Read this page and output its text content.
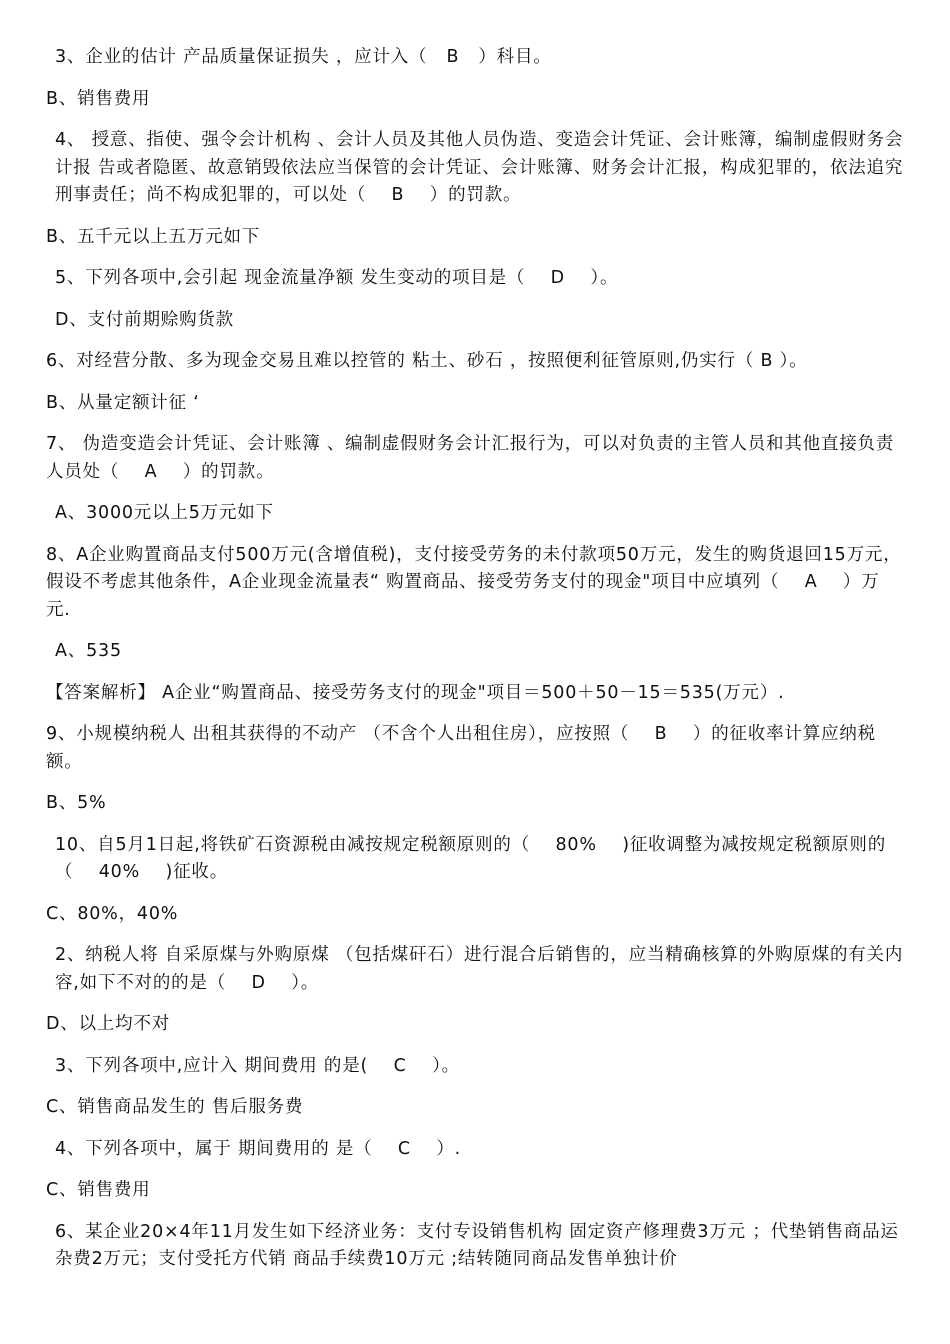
3、企业的估计 产品质量保证损失 ，应计入（   B   ）科目。

B、销售费用

4、 授意、指使、强令会计机构 、会计人员及其他人员伪造、变造会计凭证、会计账簿，编制虚假财务会计报 告或者隐匿、故意销毁依法应当保管的会计凭证、会计账簿、财务会计汇报，构成犯罪的，依法追究刑事责任；尚不构成犯罪的，可以处（    B    ）的罚款。

B、五千元以上五万元如下

5、下列各项中,会引起 现金流量净额 发生变动的项目是（    D    ）。

D、支付前期赊购货款

6、对经营分散、多为现金交易且难以控管的 粘土、砂石 ，按照便利征管原则,仍实行（ B ）。

B、从量定额计征 ‘

7、 伪造变造会计凭证、会计账簿 、编制虚假财务会计汇报行为，可以对负责的主管人员和其他直接负责人员处（    A    ）的罚款。

A、3000元以上5万元如下

8、A企业购置商品支付500万元(含增值税)，支付接受劳务的未付款项50万元，发生的购货退回15万元，假设不考虑其他条件，A企业现金流量表“ 购置商品、接受劳务支付的现金"项目中应填列（    A    ）万元.

A、535

【答案解析】 A企业“购置商品、接受劳务支付的现金"项目＝500＋50－15＝535(万元）.

9、小规模纳税人 出租其获得的不动产 （不含个人出租住房），应按照（    B    ）的征收率计算应纳税额。

B、5%

10、自5月1日起,将铁矿石资源税由减按规定税额原则的（    80%    )征收调整为减按规定税额原则的（    40%    )征收。

C、80%，40%

2、纳税人将 自采原煤与外购原煤 （包括煤矸石）进行混合后销售的，应当精确核算的外购原煤的有关内容,如下不对的的是（    D    ）。

D、以上均不对

3、下列各项中,应计入 期间费用 的是(    C    ）。

C、销售商品发生的 售后服务费

4、下列各项中，属于 期间费用的 是（    C    ）.

C、销售费用

6、某企业20×4年11月发生如下经济业务：支付专设销售机构 固定资产修理费3万元 ；代垫销售商品运杂费2万元；支付受托方代销 商品手续费10万元 ;结转随同商品发售单独计价
